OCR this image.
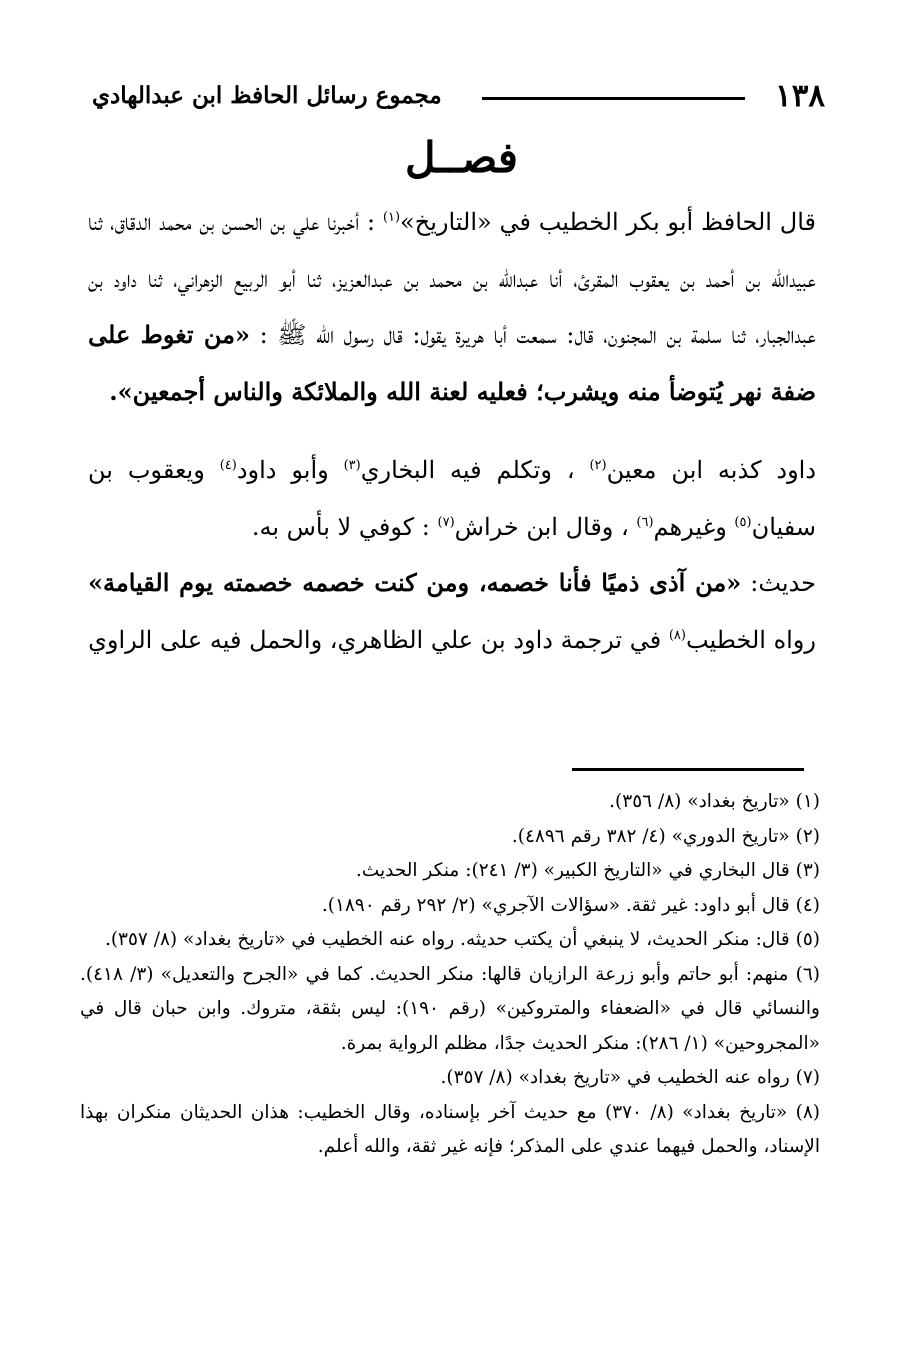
١٣٨
مجموع رسائل الحافظ ابن عبدالهادي
فصــل

قال الحافظ أبو بكر الخطيب في «التاريخ»$^{(١)}$ : أخبرنا علي بن الحسن بن محمد الدقاق، ثنا عبيدالله بن أحمد بن يعقوب المقرئ، أنا عبدالله بن محمد بن عبدالعزيز، ثنا أبو الربيع الزهراني، ثنا داود بن عبدالجبار، ثنا سلمة بن المجنون، قال: سمعت أبا هريرة يقول: قال رسول الله ﷺ : «من تغوط على ضفة نهر يُتوضأ منه ويشرب؛ فعليه لعنة الله والملائكة والناس أجمعين».

داود كذبه ابن معين$^{(٢)}$ ، وتكلم فيه البخاري$^{(٣)}$ وأبو داود$^{(٤)}$ ويعقوب بن سفيان$^{(٥)}$ وغيرهم$^{(٦)}$ ، وقال ابن خراش$^{(٧)}$ : كوفي لا بأس به.

حديث: «من آذى ذميًا فأنا خصمه، ومن كنت خصمه خصمته يوم القيامة» رواه الخطيب$^{(٨)}$ في ترجمة داود بن علي الظاهري، والحمل فيه على الراوي

(١) «تاريخ بغداد» (٨/ ٣٥٦).

(٢) «تاريخ الدوري» (٤/ ٣٨٢ رقم ٤٨٩٦).

(٣) قال البخاري في «التاريخ الكبير» (٣/ ٢٤١): منكر الحديث.

(٤) قال أبو داود: غير ثقة. «سؤالات الآجري» (٢/ ٢٩٢ رقم ١٨٩٠).

(٥) قال: منكر الحديث، لا ينبغي أن يكتب حديثه. رواه عنه الخطيب في «تاريخ بغداد» (٨/ ٣٥٧).

(٦) منهم: أبو حاتم وأبو زرعة الرازيان قالها: منكر الحديث. كما في «الجرح والتعديل» (٣/ ٤١٨). والنسائي قال في «الضعفاء والمتروكين» (رقم ١٩٠): ليس بثقة، متروك. وابن حبان قال في «المجروحين» (١/ ٢٨٦): منكر الحديث جدًا، مظلم الرواية بمرة.

(٧) رواه عنه الخطيب في «تاريخ بغداد» (٨/ ٣٥٧).

(٨) «تاريخ بغداد» (٨/ ٣٧٠) مع حديث آخر بإسناده، وقال الخطيب: هذان الحديثان منكران بهذا الإسناد، والحمل فيهما عندي على المذكر؛ فإنه غير ثقة، والله أعلم.
